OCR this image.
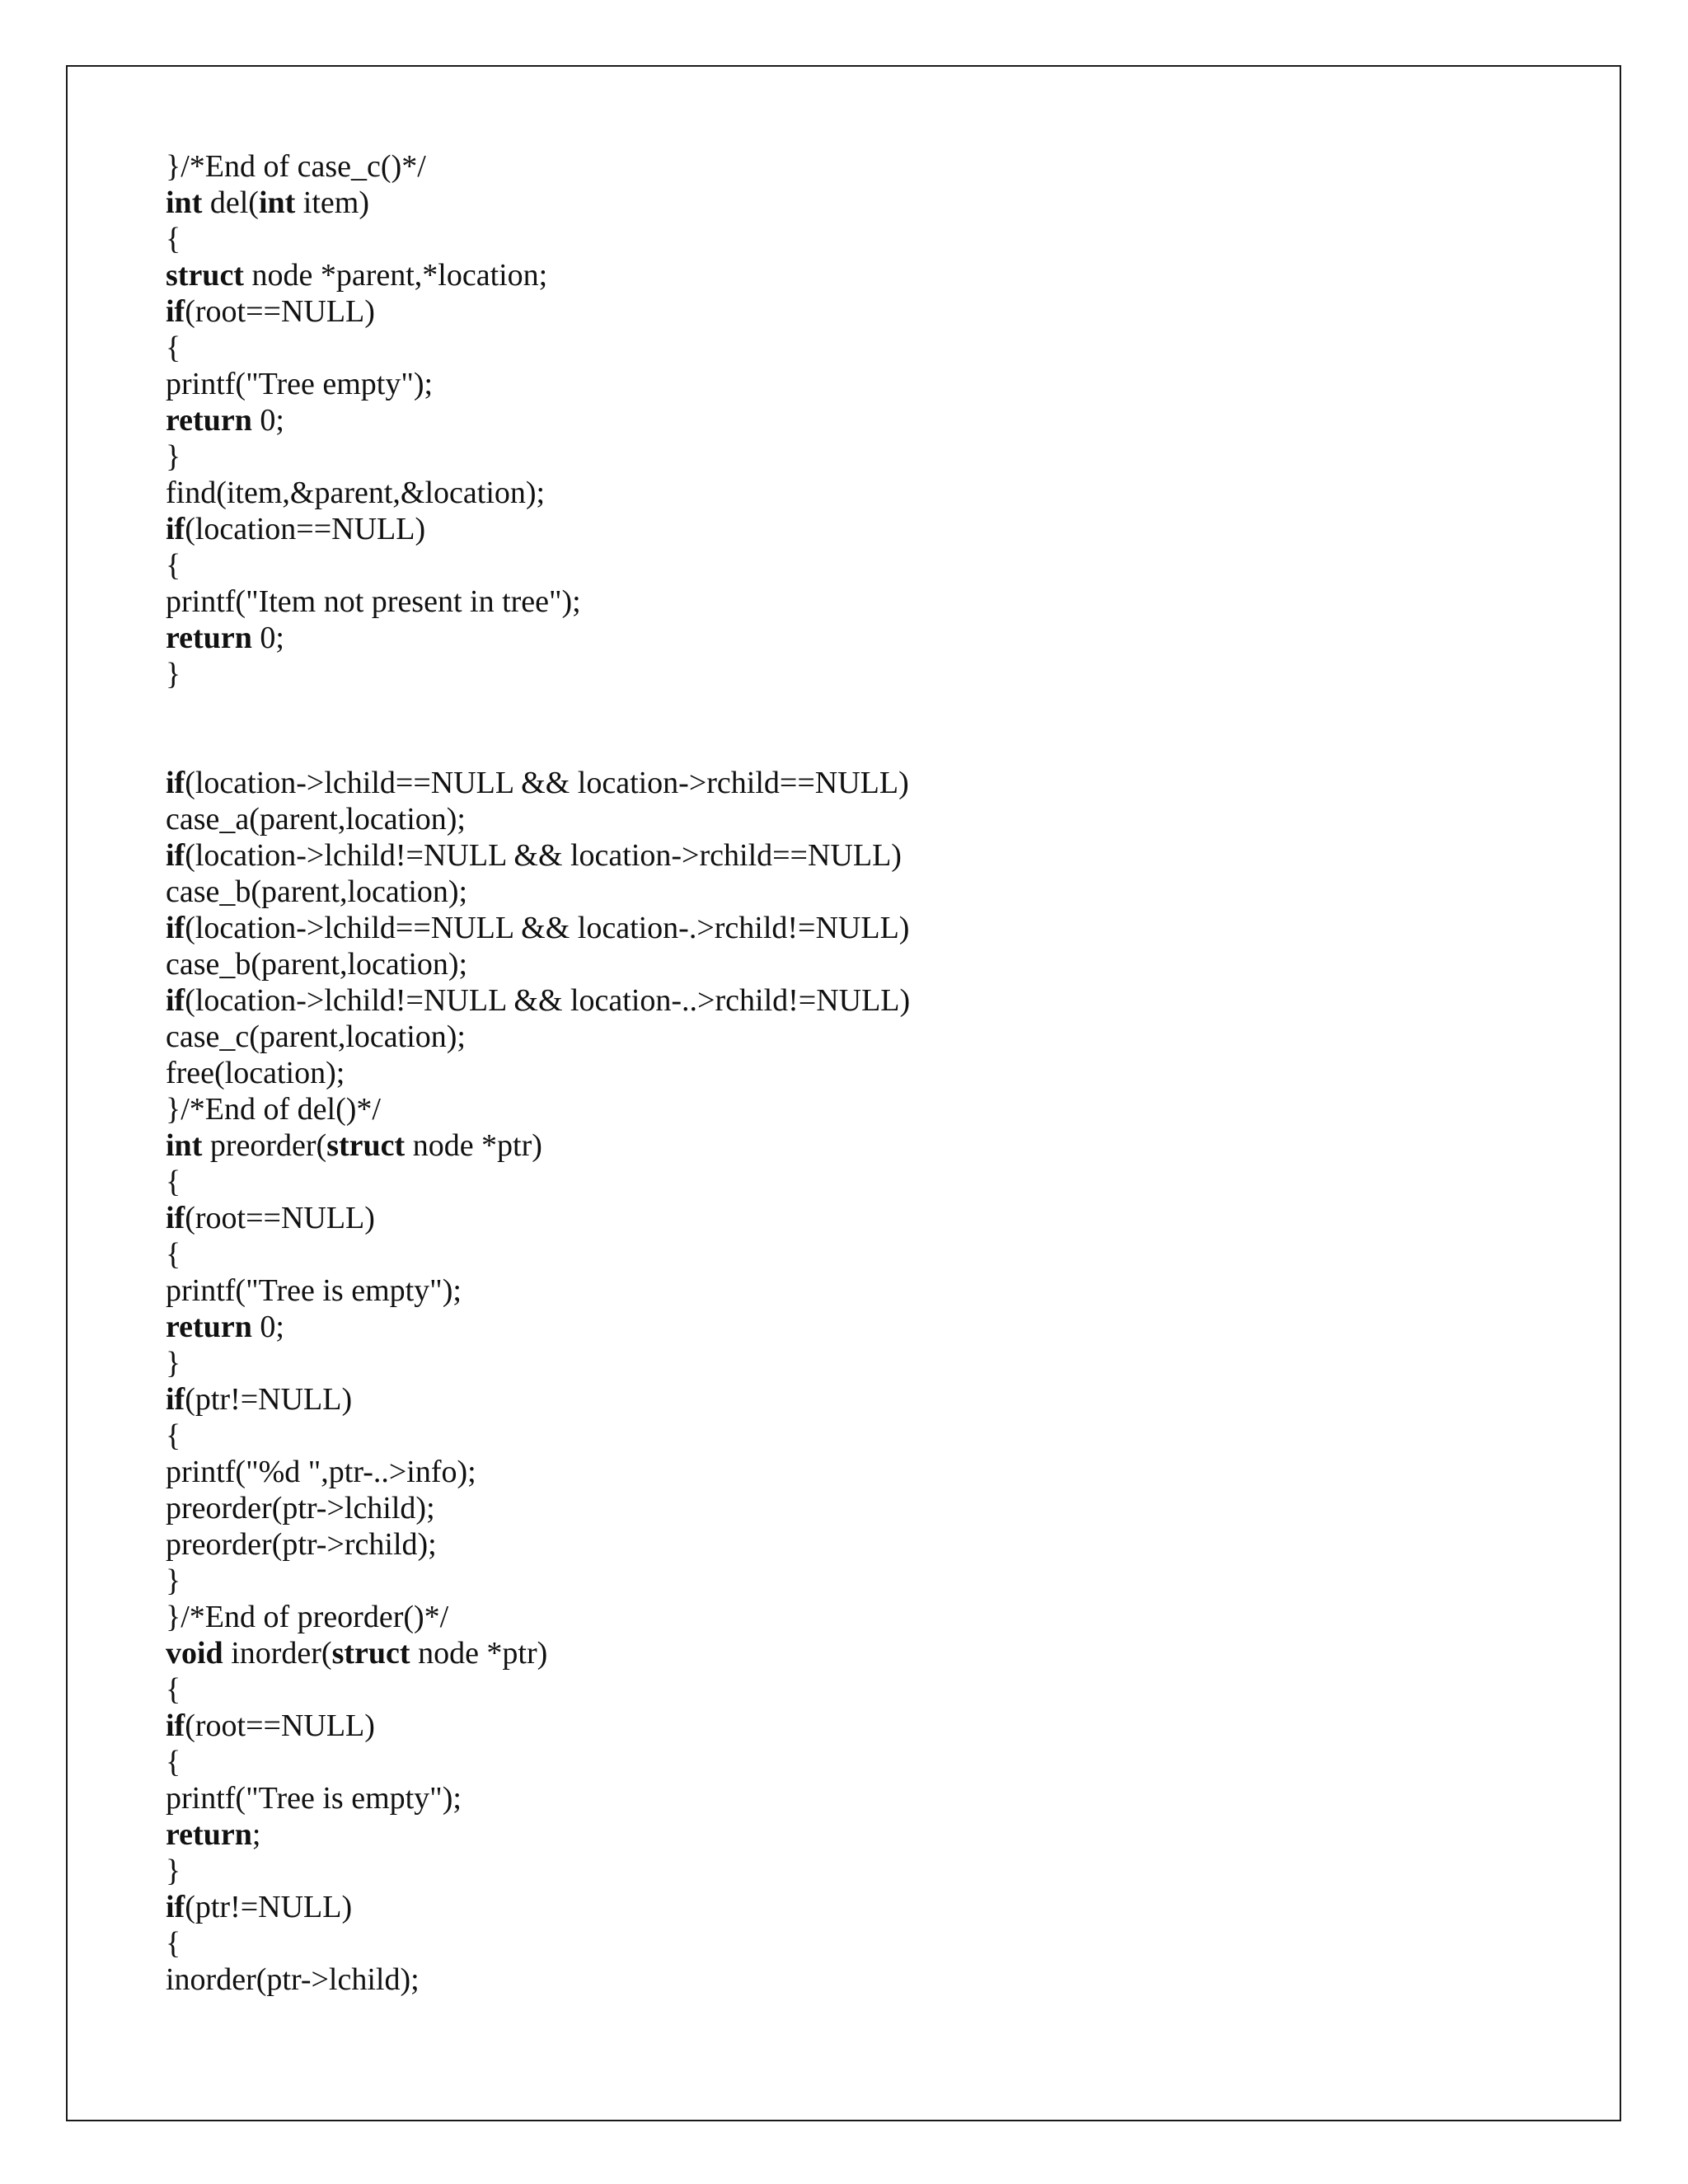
}/*End of case_c()*/
int del(int item)
{
struct node *parent,*location;
if(root==NULL)
{
printf("Tree empty");
return 0;
}
find(item,&parent,&location);
if(location==NULL)
{
printf("Item not present in tree");
return 0;
}
if(location->lchild==NULL && location->rchild==NULL)
case_a(parent,location);
if(location->lchild!=NULL && location->rchild==NULL)
case_b(parent,location);
if(location->lchild==NULL && location-.>rchild!=NULL)
case_b(parent,location);
if(location->lchild!=NULL && location-..>rchild!=NULL)
case_c(parent,location);
free(location);
}/*End of del()*/
int preorder(struct node *ptr)
{
if(root==NULL)
{
printf("Tree is empty");
return 0;
}
if(ptr!=NULL)
{
printf("%d ",ptr-..>info);
preorder(ptr->lchild);
preorder(ptr->rchild);
}
}/*End of preorder()*/
void inorder(struct node *ptr)
{
if(root==NULL)
{
printf("Tree is empty");
return;
}
if(ptr!=NULL)
{
inorder(ptr->lchild);
